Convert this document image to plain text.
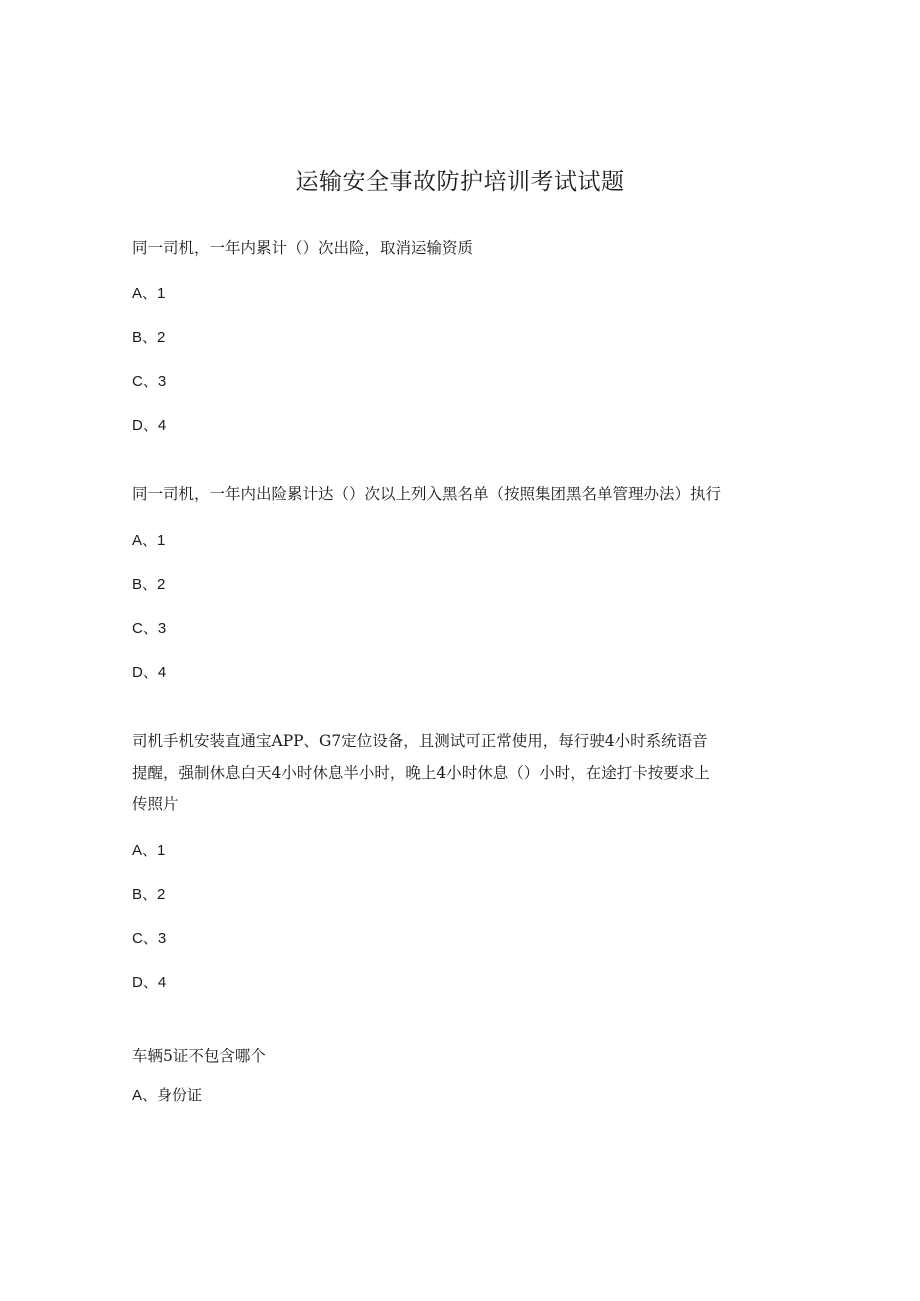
运输安全事故防护培训考试试题
同一司机，一年内累计（）次出险，取消运输资质
A、1
B、2
C、3
D、4
同一司机，一年内出险累计达（）次以上列入黑名单（按照集团黑名单管理办法）执行
A、1
B、2
C、3
D、4
司机手机安装直通宝APP、G7定位设备，且测试可正常使用，每行驶4小时系统语音
提醒，强制休息白天4小时休息半小时，晚上4小时休息（）小时，在途打卡按要求上
传照片
A、1
B、2
C、3
D、4
车辆5证不包含哪个
A、身份证
